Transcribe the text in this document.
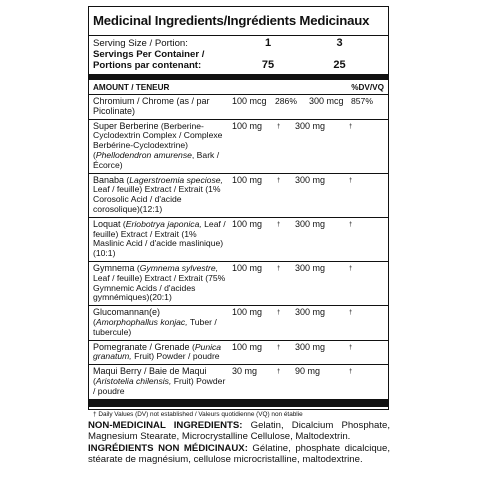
Medicinal Ingredients/Ingrédients Medicinaux
Serving Size / Portion:	1	3
Servings Per Container /
Portions par contenant:	75	25
AMOUNT / TENEUR	%DV/VQ
Chromium / Chrome (as / par Picolinate)
100 mcg 286%	300 mcg 857%
Super Berberine (Berberine-Cyclodextrin Complex / Complexe Berbérine-Cyclodextrine) (Phellodendron amurense, Bark / Écorce)
100 mg	†	300 mg	†
Banaba (Lagerstroemia speciose, Leaf / feuille) Extract / Extrait (1% Corosolic Acid / d'acide corosolique)(12:1)
100 mg	†	300 mg	†
Loquat (Eriobotrya japonica, Leaf / feuille) Extract / Extrait (1% Maslinic Acid / d'acide maslinique)(10:1)
100 mg	†	300 mg	†
Gymnema (Gymnema sylvestre, Leaf / feuille) Extract / Extrait (75% Gymnemic Acids / d'acides gymnémiques)(20:1)
100 mg	†	300 mg	†
Glucomannan(e) (Amorphophallus konjac, Tuber / tubercule)
100 mg	†	300 mg	†
Pomegranate / Grenade (Punica granatum, Fruit) Powder / poudre
100 mg	†	300 mg	†
Maqui Berry / Baie de Maqui (Aristotelia chilensis, Fruit) Powder / poudre
30 mg	†	90 mg	†
† Daily Values (DV) not established / Valeurs quotidienne (VQ) non établie
NON-MEDICINAL INGREDIENTS: Gelatin, Dicalcium Phosphate, Magnesium Stearate, Microcrystalline Cellulose, Maltodextrin.
INGRÉDIENTS NON MÉDICINAUX: Gélatine, phosphate dicalcique, stéarate de magnésium, cellulose microcristalline, maltodextrine.
